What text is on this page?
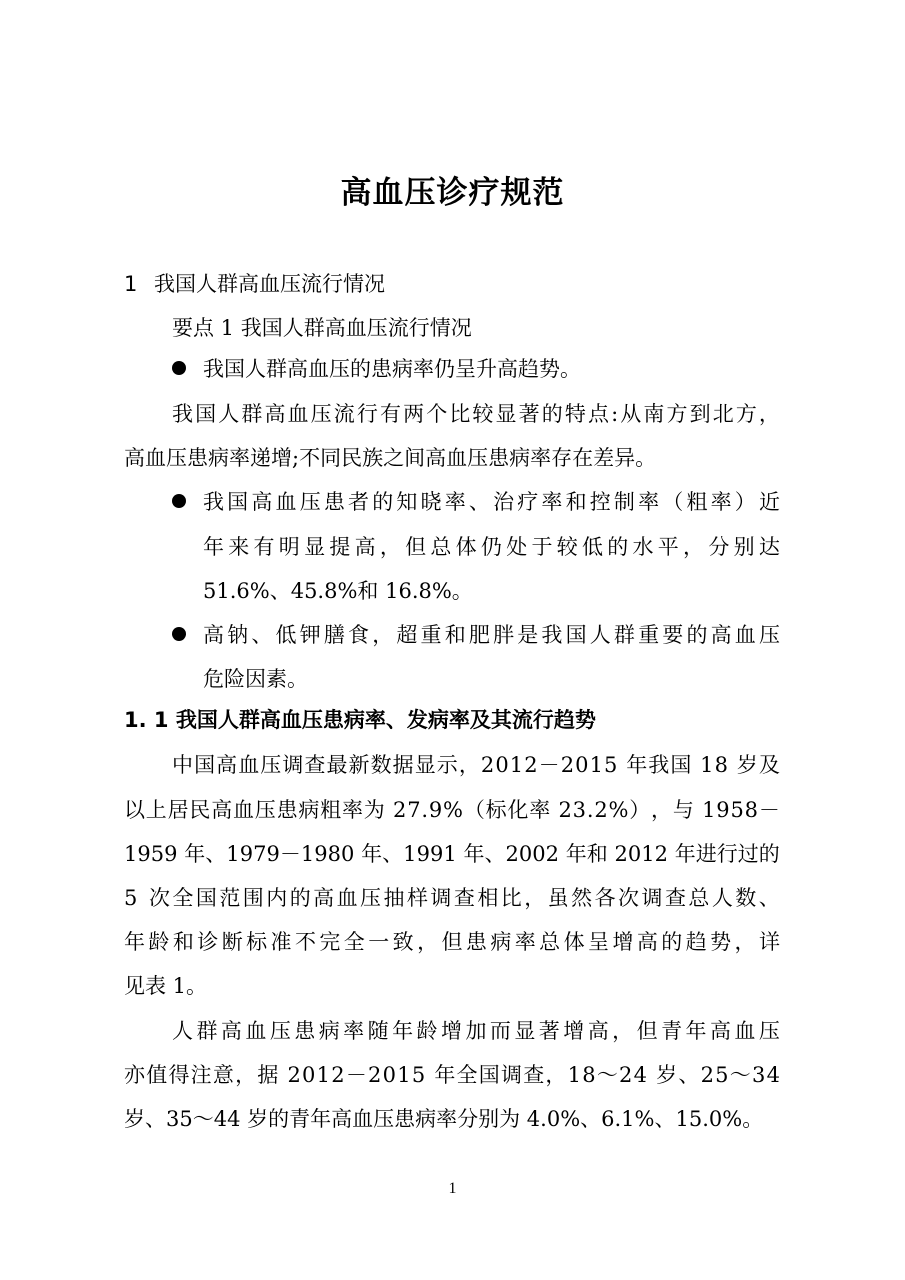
高血压诊疗规范
1 我国人群高血压流行情况
要点 1 我国人群高血压流行情况
我国人群高血压的患病率仍呈升高趋势。
我 国 人 群 高 血 压 流 行 有 两 个 比 较 显 著 的 特 点 : 从 南 方 到 北 方 ，
高血压患病率递增;不同民族之间高血压患病率存在差异。
我 国 高 血 压 患 者 的 知 晓 率 、 治 疗 率 和 控 制 率 （ 粗 率 ） 近
年 来 有 明 显 提 高 ， 但 总 体 仍 处 于 较 低 的 水 平 ， 分 别 达
51.6%、45.8%和 16.8%。
高 钠 、 低 钾 膳 食 ， 超 重 和 肥 胖 是 我 国 人 群 重 要 的 高 血 压
危险因素。
1. 1 我国人群高血压患病率、发病率及其流行趋势
中 国 高 血 压 调 查 最 新 数 据 显 示 ， 2 0 1 2 － 2 0 1 5
年 我 国
1 8
岁 及
以 上 居 民 高 血 压 患 病 粗 率 为
2 7 . 9 % （ 标 化 率
2 3 . 2 % ） ， 与
1 9 5 8 －
1 9 5 9
年 、 1 9 7 9 － 1 9 8 0
年 、 1 9 9 1
年 、 2 0 0 2
年 和
2 0 1 2
年 进 行 过 的
5
次 全 国 范 围 内 的 高 血 压 抽 样 调 查 相 比 ， 虽 然 各 次 调 查 总 人 数 、
年 龄 和 诊 断 标 准 不 完 全 一 致 ， 但 患 病 率 总 体 呈 增 高 的 趋 势 ， 详
见表 1。
人 群 高 血 压 患 病 率 随 年 龄 增 加 而 显 著 增 高 ， 但 青 年 高 血 压
亦 值 得 注 意 ， 据
2 0 1 2 － 2 0 1 5
年 全 国 调 查 ， 1 8 ～ 2 4
岁 、 2 5 ～ 3 4
岁、35～44 岁的青年高血压患病率分别为 4.0%、6.1%、15.0%。
1
